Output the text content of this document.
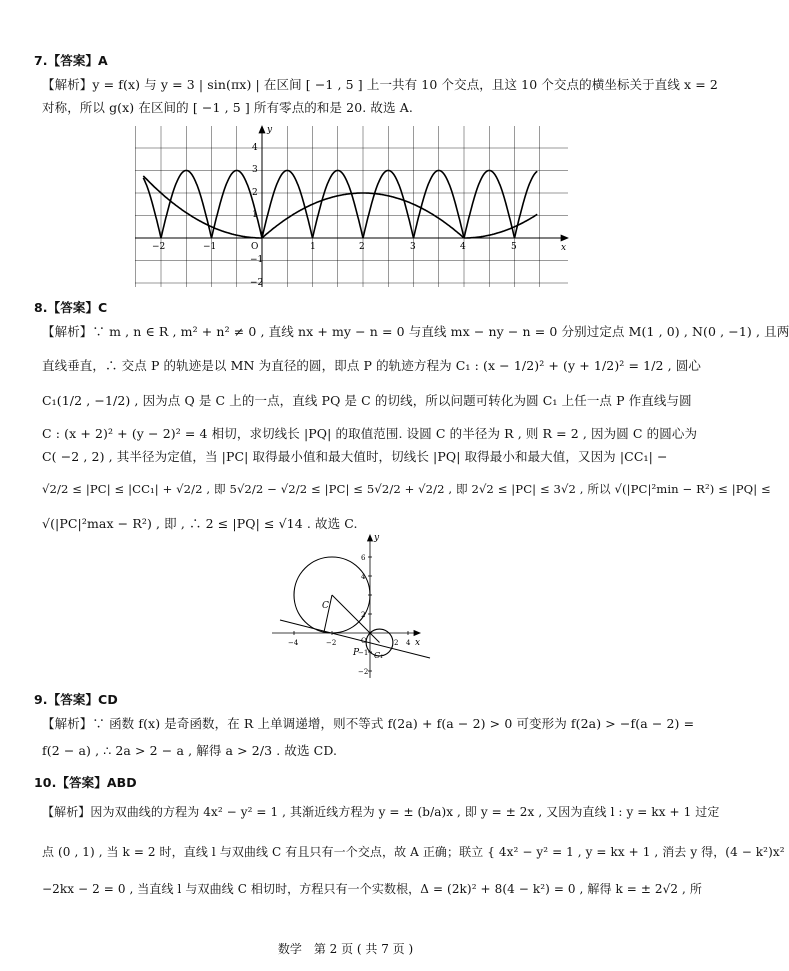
7.【答案】A
【解析】y = f(x) 与 y = 3 | sin(πx) | 在区间 [ −1 , 5 ] 上一共有 10 个交点，且这 10 个交点的横坐标关于直线 x = 2
对称，所以 g(x) 在区间的 [ −1 , 5 ] 所有零点的和是 20. 故选 A.
y
x
−2	−1	O	1	2	3	4	5
4
3
2
1
−1
−2
8.【答案】C
【解析】∵ m , n ∈ R , m² + n² ≠ 0 , 直线 nx + my − n = 0 与直线 mx − ny − n = 0 分别过定点 M(1 , 0) , N(0 , −1) , 且两
直线垂直，∴ 交点 P 的轨迹是以 MN 为直径的圆，即点 P 的轨迹方程为 C₁ : (x − 1/2)² + (y + 1/2)² = 1/2 , 圆心
C₁(1/2 , −1/2) , 因为点 Q 是 C 上的一点，直线 PQ 是 C 的切线，所以问题可转化为圆 C₁ 上任一点 P 作直线与圆
C : (x + 2)² + (y − 2)² = 4 相切，求切线长 |PQ| 的取值范围. 设圆 C 的半径为 R , 则 R = 2 , 因为圆 C 的圆心为
C( −2 , 2) , 其半径为定值，当 |PC| 取得最小值和最大值时，切线长 |PQ| 取得最小和最大值，又因为 |CC₁| −
√2/2 ≤ |PC| ≤ |CC₁| + √2/2 , 即 5√2/2 − √2/2 ≤ |PC| ≤ 5√2/2 + √2/2 , 即 2√2 ≤ |PC| ≤ 3√2 , 所以 √(|PC|²min − R²) ≤ |PQ| ≤
√(|PC|²max − R²) , 即 , ∴ 2 ≤ |PQ| ≤ √14 . 故选 C.
y
x
C
P C₁
−4	−2	O	2 4
6
4
2
−1
−2
9.【答案】CD
【解析】∵ 函数 f(x) 是奇函数，在 R 上单调递增，则不等式 f(2a) + f(a − 2) > 0 可变形为 f(2a) > −f(a − 2) =
f(2 − a) , ∴ 2a > 2 − a , 解得 a > 2/3 . 故选 CD.
10.【答案】ABD
【解析】因为双曲线的方程为 4x² − y² = 1 , 其渐近线方程为 y = ± (b/a)x , 即 y = ± 2x , 又因为直线 l : y = kx + 1 过定
点 (0 , 1) , 当 k = 2 时，直线 l 与双曲线 C 有且只有一个交点，故 A 正确；联立 { 4x² − y² = 1 , y = kx + 1 , 消去 y 得，(4 − k²)x²
−2kx − 2 = 0 , 当直线 l 与双曲线 C 相切时，方程只有一个实数根，Δ = (2k)² + 8(4 − k²) = 0 , 解得 k = ± 2√2 , 所
数学　第 2 页 ( 共 7 页 )
